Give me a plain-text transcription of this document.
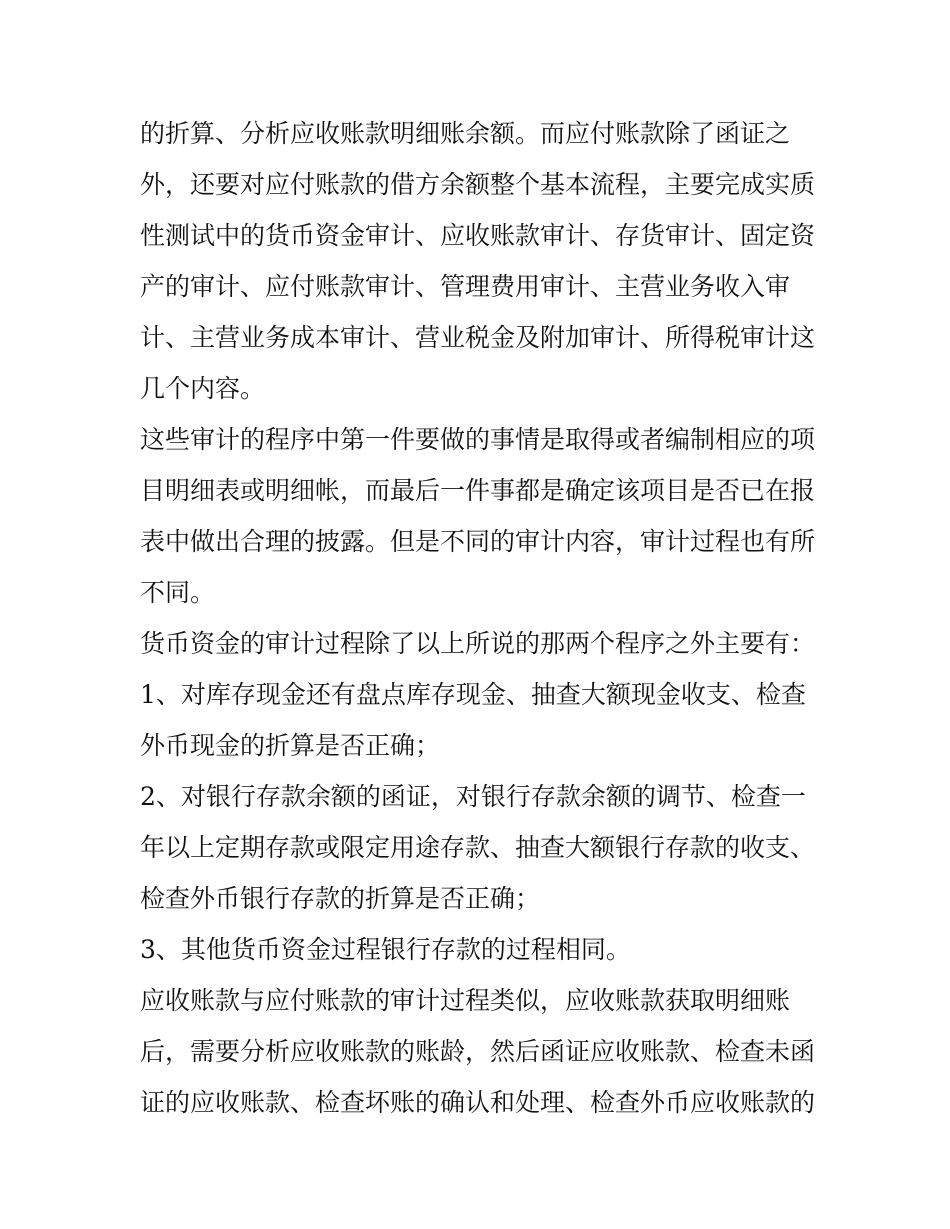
的折算、分析应收账款明细账余额。而应付账款除了函证之
外，还要对应付账款的借方余额整个基本流程，主要完成实质
性测试中的货币资金审计、应收账款审计、存货审计、固定资
产的审计、应付账款审计、管理费用审计、主营业务收入审
计、主营业务成本审计、营业税金及附加审计、所得税审计这
几个内容。

这些审计的程序中第一件要做的事情是取得或者编制相应的项
目明细表或明细帐，而最后一件事都是确定该项目是否已在报
表中做出合理的披露。但是不同的审计内容，审计过程也有所
不同。

货币资金的审计过程除了以上所说的那两个程序之外主要有：

1、对库存现金还有盘点库存现金、抽查大额现金收支、检查
外币现金的折算是否正确；

2、对银行存款余额的函证，对银行存款余额的调节、检查一
年以上定期存款或限定用途存款、抽查大额银行存款的收支、
检查外币银行存款的折算是否正确；

3、其他货币资金过程银行存款的过程相同。

应收账款与应付账款的审计过程类似，应收账款获取明细账
后，需要分析应收账款的账龄，然后函证应收账款、检查未函
证的应收账款、检查坏账的确认和处理、检查外币应收账款的
